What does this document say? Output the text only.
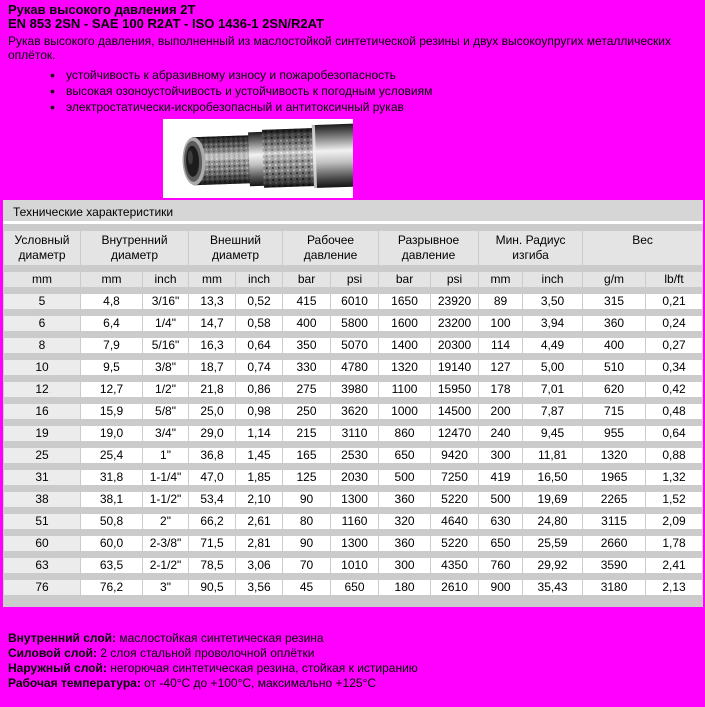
Рукав высокого давления 2Т
EN 853 2SN - SAE 100 R2AT - ISO 1436-1 2SN/R2AT
Рукав высокого давления, выполненный из маслостойкой синтетической резины и двух высокоупругих металлических оплёток.
• устойчивость к абразивному износу и пожаробезопасность
• высокая озоноустойчивость и устойчивость к погодным условиям
• электростатически-искробезопасный и антитоксичный рукав
Технические характеристики
Условный диаметр	Внутренний диаметр		Внешний диаметр		Рабочее давление		Разрывное давление		Мин. Радиус изгиба		Вес	
mm	mm	inch	mm	inch	bar	psi	bar	psi	mm	inch	g/m	lb/ft
5	4,8	3/16"	13,3	0,52	415	6010	1650	23920	89	3,50	315	0,21
6	6,4	1/4"	14,7	0,58	400	5800	1600	23200	100	3,94	360	0,24
8	7,9	5/16"	16,3	0,64	350	5070	1400	20300	114	4,49	400	0,27
10	9,5	3/8"	18,7	0,74	330	4780	1320	19140	127	5,00	510	0,34
12	12,7	1/2"	21,8	0,86	275	3980	1100	15950	178	7,01	620	0,42
16	15,9	5/8"	25,0	0,98	250	3620	1000	14500	200	7,87	715	0,48
19	19,0	3/4"	29,0	1,14	215	3110	860	12470	240	9,45	955	0,64
25	25,4	1"	36,8	1,45	165	2530	650	9420	300	11,81	1320	0,88
31	31,8	1-1/4"	47,0	1,85	125	2030	500	7250	419	16,50	1965	1,32
38	38,1	1-1/2"	53,4	2,10	90	1300	360	5220	500	19,69	2265	1,52
51	50,8	2"	66,2	2,61	80	1160	320	4640	630	24,80	3115	2,09
60	60,0	2-3/8"	71,5	2,81	90	1300	360	5220	650	25,59	2660	1,78
63	63,5	2-1/2"	78,5	3,06	70	1010	300	4350	760	29,92	3590	2,41
76	76,2	3"	90,5	3,56	45	650	180	2610	900	35,43	3180	2,13
Внутренний слой: маслостойкая синтетическая резина
Силовой слой: 2 слоя стальной проволочной оплётки
Наружный слой: негорючая синтетическая резина, стойкая к истиранию
Рабочая температура: от -40°С до +100°С, максимально +125°С
